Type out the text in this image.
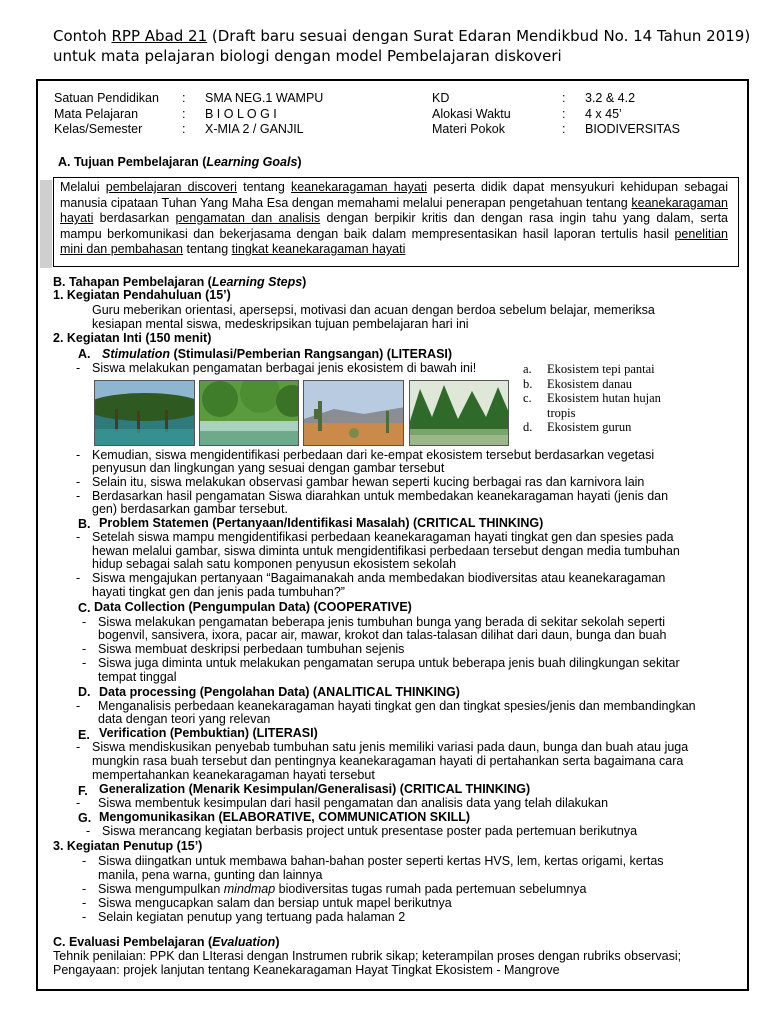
Contoh RPP Abad 21 (Draft baru sesuai dengan Surat Edaran Mendikbud No. 14 Tahun 2019)
untuk mata pelajaran biologi dengan model Pembelajaran diskoveri
Satuan Pendidikan : SMA NEG.1 WAMPU	KD	: 3.2 & 4.2
Mata Pelajaran	: B I O L O G I	Alokasi Waktu	: 4 x 45’
Kelas/Semester	: X-MIA 2 / GANJIL	Materi Pokok	: BIODIVERSITAS
A. Tujuan Pembelajaran (Learning Goals)
Melalui pembelajaran discoveri tentang keanekaragaman hayati peserta didik dapat mensyukuri kehidupan sebagai manusia cipataan Tuhan Yang Maha Esa dengan memahami melalui penerapan pengetahuan tentang keanekaragaman hayati berdasarkan pengamatan dan analisis dengan berpikir kritis dan dengan rasa ingin tahu yang dalam, serta mampu berkomunikasi dan bekerjasama dengan baik dalam mempresentasikan hasil laporan tertulis hasil penelitian mini dan pembahasan tentang tingkat keanekaragaman hayati
B. Tahapan Pembelajaran (Learning Steps)
1. Kegiatan Pendahuluan (15’)
Guru meberikan orientasi, apersepsi, motivasi dan acuan dengan berdoa sebelum belajar, memeriksa
kesiapan mental siswa, medeskripsikan tujuan pembelajaran hari ini
2. Kegiatan Inti (150 menit)
A. Stimulation (Stimulasi/Pemberian Rangsangan) (LITERASI)
- Siswa melakukan pengamatan berbagai jenis ekosistem di bawah ini!	a.	Ekosistem tepi pantai
b.	Ekosistem danau
c.	Ekosistem hutan hujan
tropis
d.	Ekosistem gurun
- Kemudian, siswa mengidentifikasi perbedaan dari ke-empat ekosistem tersebut berdasarkan vegetasi
penyusun dan lingkungan yang sesuai dengan gambar tersebut
- Selain itu, siswa melakukan observasi gambar hewan seperti kucing berbagai ras dan karnivora lain
- Berdasarkan hasil pengamatan Siswa diarahkan untuk membedakan keanekaragaman hayati (jenis dan
gen) berdasarkan gambar tersebut.
B. Problem Statemen (Pertanyaan/Identifikasi Masalah) (CRITICAL THINKING)
- Setelah siswa mampu mengidentifikasi perbedaan keanekaragaman hayati tingkat gen dan spesies pada
hewan melalui gambar, siswa diminta untuk mengidentifikasi perbedaan tersebut dengan media tumbuhan
hidup sebagai salah satu komponen penyusun ekosistem sekolah
- Siswa mengajukan pertanyaan “Bagaimanakah anda membedakan biodiversitas atau keanekaragaman
hayati tingkat gen dan jenis pada tumbuhan?”
C. Data Collection (Pengumpulan Data) (COOPERATIVE)
- Siswa melakukan pengamatan beberapa jenis tumbuhan bunga yang berada di sekitar sekolah seperti
bogenvil, sansivera, ixora, pacar air, mawar, krokot dan talas-talasan dilihat dari daun, bunga dan buah
- Siswa membuat deskripsi perbedaan tumbuhan sejenis
- Siswa juga diminta untuk melakukan pengamatan serupa untuk beberapa jenis buah dilingkungan sekitar
tempat tinggal
D. Data processing (Pengolahan Data) (ANALITICAL THINKING)
- Menganalisis perbedaan keanekaragaman hayati tingkat gen dan tingkat spesies/jenis dan membandingkan
data dengan teori yang relevan
E. Verification (Pembuktian) (LITERASI)
- Siswa mendiskusikan penyebab tumbuhan satu jenis memiliki variasi pada daun, bunga dan buah atau juga
mungkin rasa buah tersebut dan pentingnya keanekaragaman hayati di pertahankan serta bagaimana cara
mempertahankan keanekaragaman hayati tersebut
F. Generalization (Menarik Kesimpulan/Generalisasi) (CRITICAL THINKING)
- Siswa membentuk kesimpulan dari hasil pengamatan dan analisis data yang telah dilakukan
G. Mengomunikasikan (ELABORATIVE, COMMUNICATION SKILL)
- Siswa merancang kegiatan berbasis project untuk presentase poster pada pertemuan berikutnya
3. Kegiatan Penutup (15’)
- Siswa diingatkan untuk membawa bahan-bahan poster seperti kertas HVS, lem, kertas origami, kertas
manila, pena warna, gunting dan lainnya
- Siswa mengumpulkan mindmap biodiversitas tugas rumah pada pertemuan sebelumnya
- Siswa mengucapkan salam dan bersiap untuk mapel berikutnya
- Selain kegiatan penutup yang tertuang pada halaman 2
C. Evaluasi Pembelajaran (Evaluation)
Tehnik penilaian: PPK dan LIterasi dengan Instrumen rubrik sikap; keterampilan proses dengan rubriks observasi;
Pengayaan: projek lanjutan tentang Keanekaragaman Hayat Tingkat Ekosistem - Mangrove
